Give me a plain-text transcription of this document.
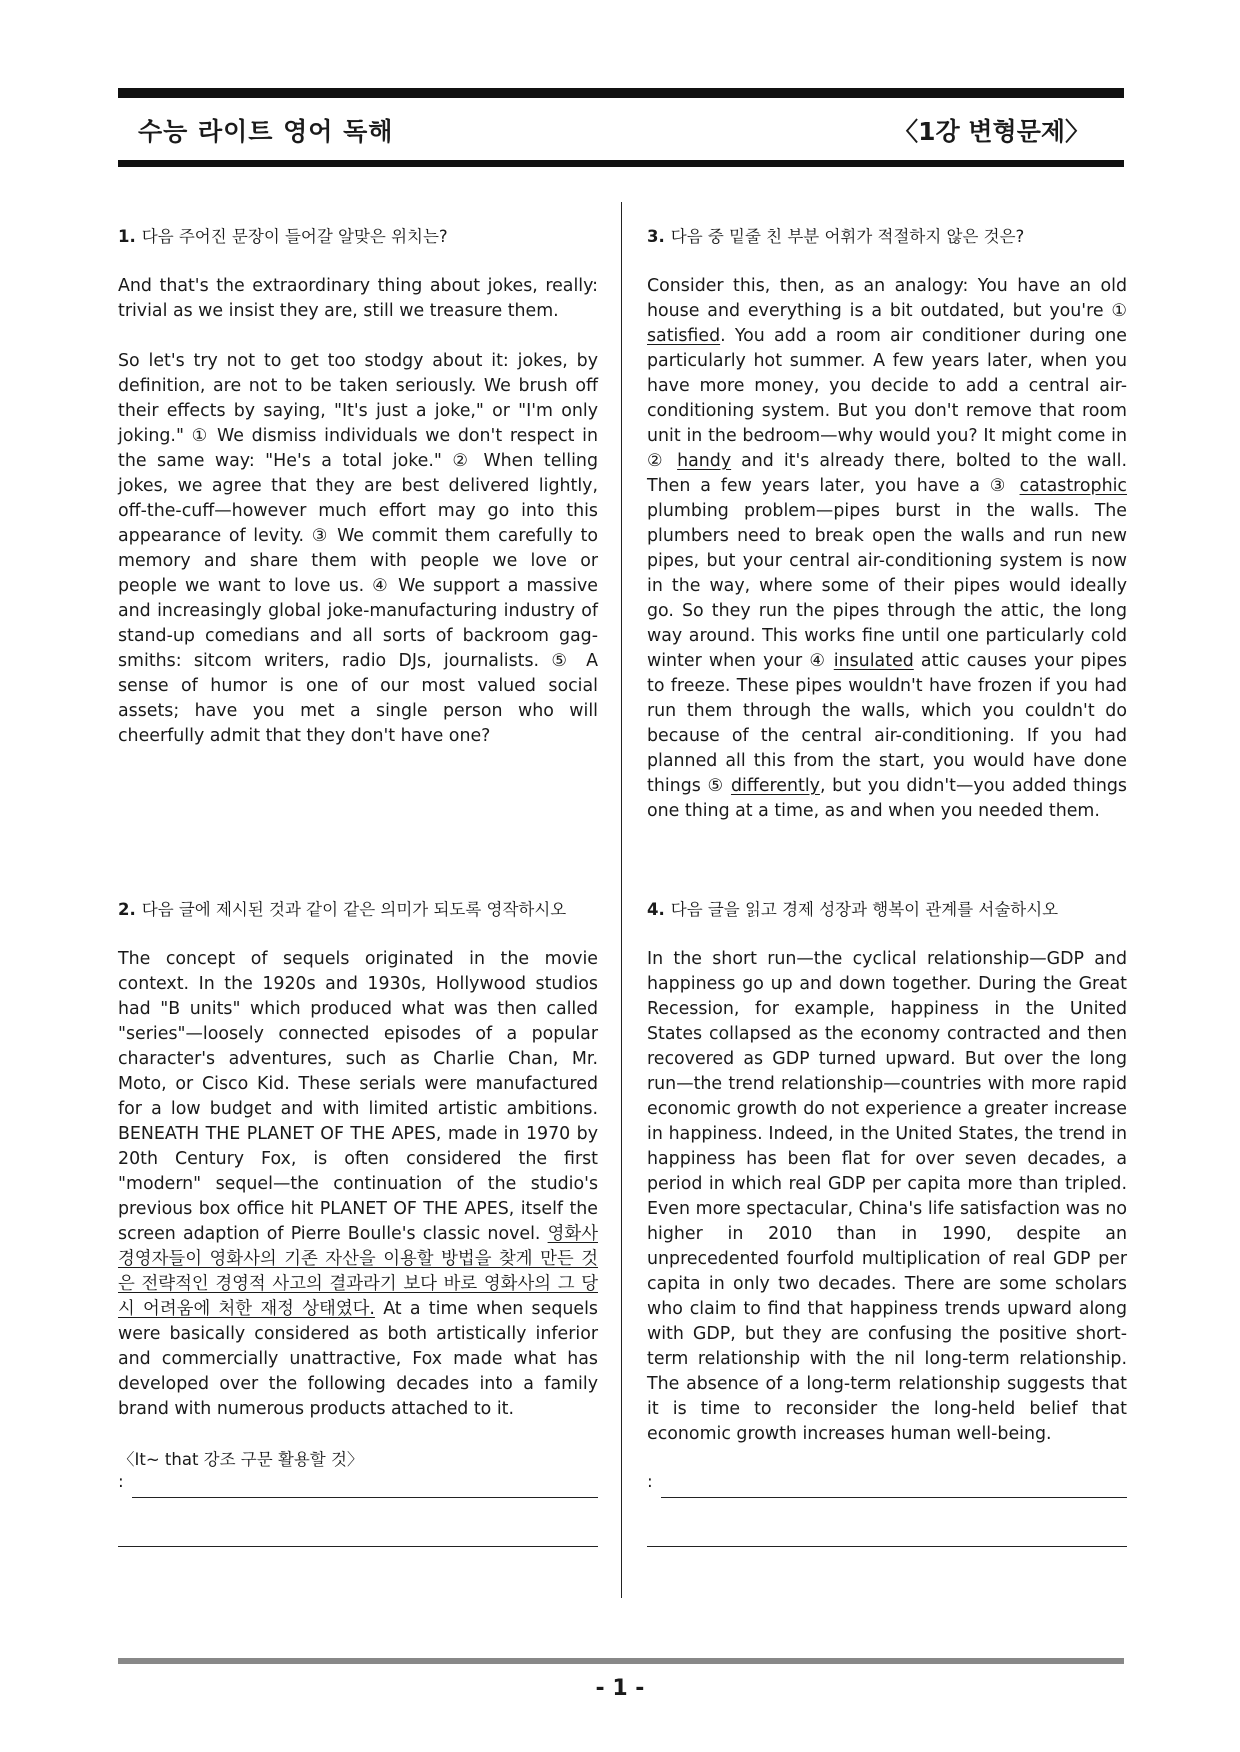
수능 라이트 영어 독해	〈1강 변형문제〉
1. 다음 주어진 문장이 들어갈 알맞은 위치는?

And that's the extraordinary thing about jokes, really: trivial as we insist they are, still we treasure them.

So let's try not to get too stodgy about it: jokes, by definition, are not to be taken seriously. We brush off their effects by saying, "It's just a joke," or "I'm only joking." ① We dismiss individuals we don't respect in the same way: "He's a total joke." ② When telling jokes, we agree that they are best delivered lightly, off-the-cuff—however much effort may go into this appearance of levity. ③ We commit them carefully to memory and share them with people we love or people we want to love us. ④ We support a massive and increasingly global joke-manufacturing industry of stand-up comedians and all sorts of backroom gag-smiths: sitcom writers, radio DJs, journalists. ⑤ A sense of humor is one of our most valued social assets; have you met a single person who will cheerfully admit that they don't have one?

3. 다음 중 밑줄 친 부분 어휘가 적절하지 않은 것은?

Consider this, then, as an analogy: You have an old house and everything is a bit outdated, but you're ① satisfied. You add a room air conditioner during one particularly hot summer. A few years later, when you have more money, you decide to add a central air-conditioning system. But you don't remove that room unit in the bedroom—why would you? It might come in ② handy and it's already there, bolted to the wall. Then a few years later, you have a ③ catastrophic plumbing problem—pipes burst in the walls. The plumbers need to break open the walls and run new pipes, but your central air-conditioning system is now in the way, where some of their pipes would ideally go. So they run the pipes through the attic, the long way around. This works fine until one particularly cold winter when your ④ insulated attic causes your pipes to freeze. These pipes wouldn't have frozen if you had run them through the walls, which you couldn't do because of the central air-conditioning. If you had planned all this from the start, you would have done things ⑤ differently, but you didn't—you added things one thing at a time, as and when you needed them.

2. 다음 글에 제시된 것과 같이 같은 의미가 되도록 영작하시오

The concept of sequels originated in the movie context. In the 1920s and 1930s, Hollywood studios had "B units" which produced what was then called "series"—loosely connected episodes of a popular character's adventures, such as Charlie Chan, Mr. Moto, or Cisco Kid. These serials were manufactured for a low budget and with limited artistic ambitions. BENEATH THE PLANET OF THE APES, made in 1970 by 20th Century Fox, is often considered the first "modern" sequel—the continuation of the studio's previous box office hit PLANET OF THE APES, itself the screen adaption of Pierre Boulle's classic novel. 영화사 경영자들이 영화사의 기존 자산을 이용할 방법을 찾게 만든 것은 전략적인 경영적 사고의 결과라기 보다 바로 영화사의 그 당시 어려움에 처한 재정 상태였다. At a time when sequels were basically considered as both artistically inferior and commercially unattractive, Fox made what has developed over the following decades into a family brand with numerous products attached to it.

〈It~ that 강조 구문 활용할 것〉
:
4. 다음 글을 읽고 경제 성장과 행복이 관계를 서술하시오

In the short run—the cyclical relationship—GDP and happiness go up and down together. During the Great Recession, for example, happiness in the United States collapsed as the economy contracted and then recovered as GDP turned upward. But over the long run—the trend relationship—countries with more rapid economic growth do not experience a greater increase in happiness. Indeed, in the United States, the trend in happiness has been flat for over seven decades, a period in which real GDP per capita more than tripled. Even more spectacular, China's life satisfaction was no higher in 2010 than in 1990, despite an unprecedented fourfold multiplication of real GDP per capita in only two decades. There are some scholars who claim to find that happiness trends upward along with GDP, but they are confusing the positive short-term relationship with the nil long-term relationship. The absence of a long-term relationship suggests that it is time to reconsider the long-held belief that economic growth increases human well-being.

:
- 1 -
